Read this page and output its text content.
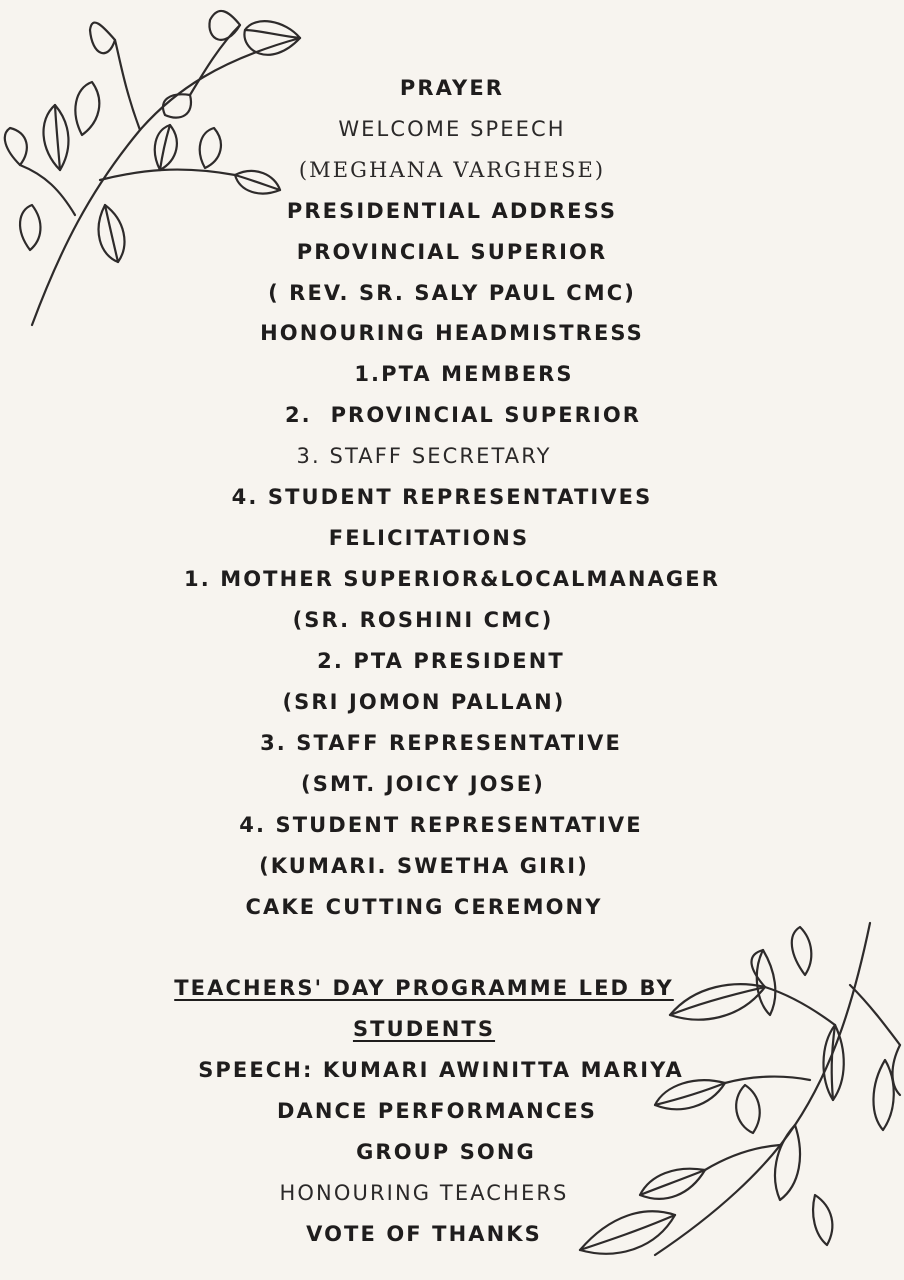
PRAYER
WELCOME SPEECH
(MEGHANA VARGHESE)
PRESIDENTIAL ADDRESS
PROVINCIAL SUPERIOR
( REV. SR. SALY PAUL CMC)
HONOURING HEADMISTRESS
1.PTA MEMBERS
2.  PROVINCIAL SUPERIOR
3. STAFF SECRETARY
4. STUDENT REPRESENTATIVES
FELICITATIONS
1. MOTHER SUPERIOR&LOCALMANAGER
(SR. ROSHINI CMC)
2. PTA PRESIDENT
(SRI JOMON PALLAN)
3. STAFF REPRESENTATIVE
(SMT. JOICY JOSE)
4. STUDENT REPRESENTATIVE
(KUMARI. SWETHA GIRI)
CAKE CUTTING CEREMONY
TEACHERS' DAY PROGRAMME LED BY
STUDENTS
SPEECH: KUMARI AWINITTA MARIYA
DANCE PERFORMANCES
GROUP SONG
HONOURING TEACHERS
VOTE OF THANKS
